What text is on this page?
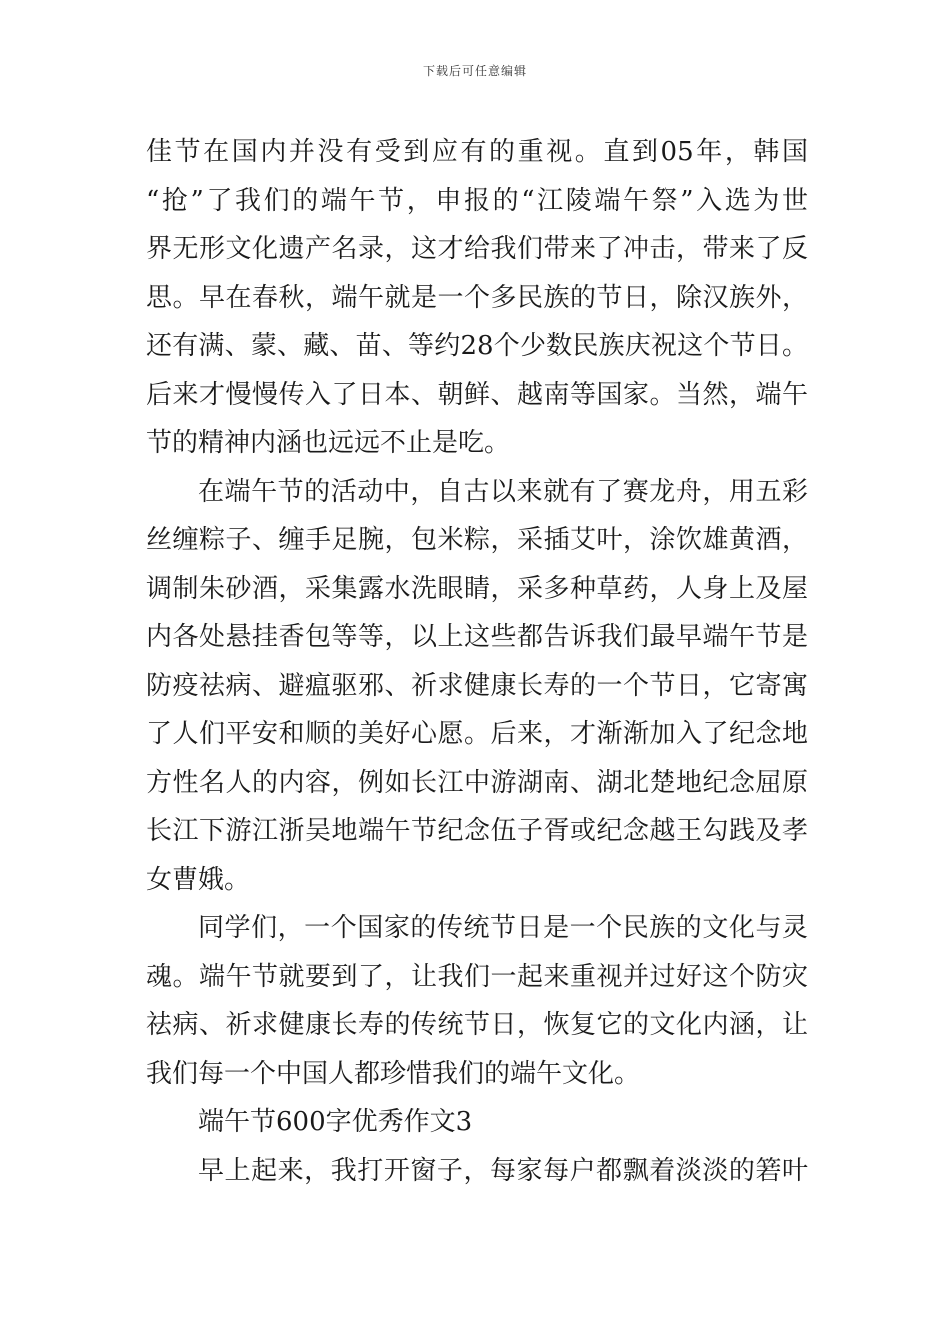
下载后可任意编辑
佳节在国内并没有受到应有的重视。直到05年，韩国
“抢”了我们的端午节，申报的“江陵端午祭”入选为世
界无形文化遗产名录，这才给我们带来了冲击，带来了反
思。早在春秋，端午就是一个多民族的节日，除汉族外，
还有满、蒙、藏、苗、等约28个少数民族庆祝这个节日。
后来才慢慢传入了日本、朝鲜、越南等国家。当然，端午
节的精神内涵也远远不止是吃。
在端午节的活动中，自古以来就有了赛龙舟，用五彩
丝缠粽子、缠手足腕，包米粽，采插艾叶，涂饮雄黄酒，
调制朱砂酒，采集露水洗眼睛，采多种草药，人身上及屋
内各处悬挂香包等等，以上这些都告诉我们最早端午节是
防疫祛病、避瘟驱邪、祈求健康长寿的一个节日，它寄寓
了人们平安和顺的美好心愿。后来，才渐渐加入了纪念地
方性名人的内容，例如长江中游湖南、湖北楚地纪念屈原
长江下游江浙吴地端午节纪念伍子胥或纪念越王勾践及孝
女曹娥。
同学们，一个国家的传统节日是一个民族的文化与灵
魂。端午节就要到了，让我们一起来重视并过好这个防灾
祛病、祈求健康长寿的传统节日，恢复它的文化内涵，让
我们每一个中国人都珍惜我们的端午文化。
端午节600字优秀作文3
早上起来，我打开窗子，每家每户都飘着淡淡的箬叶
